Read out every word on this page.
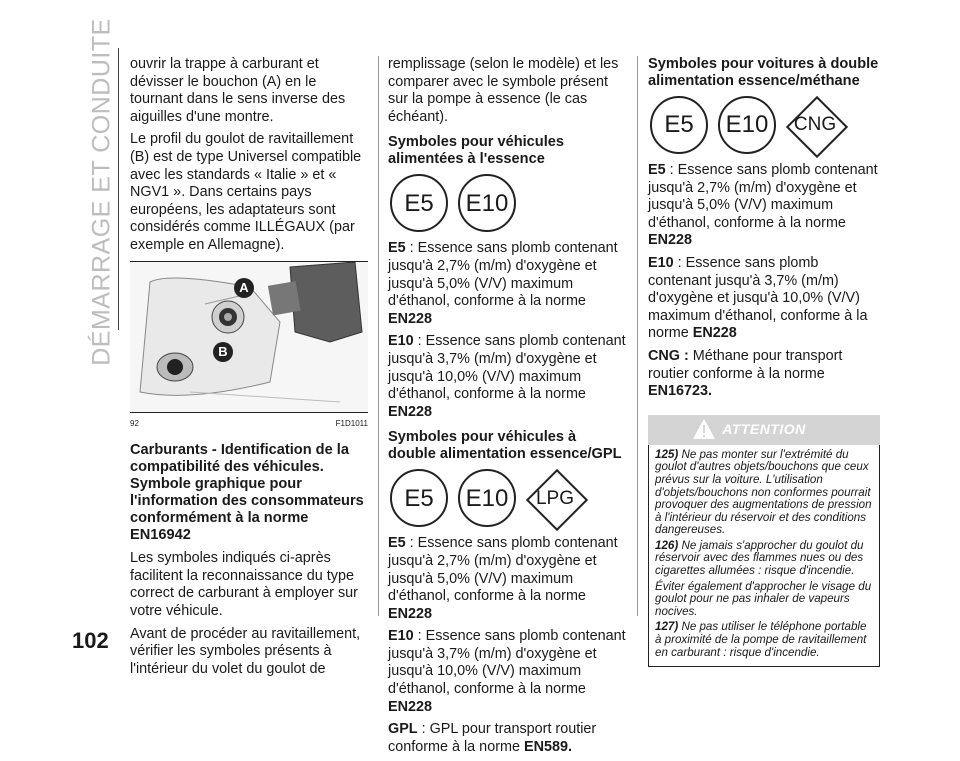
DÉMARRAGE ET CONDUITE
102

ouvrir la trappe à carburant et dévisser le bouchon (A) en le tournant dans le sens inverse des aiguilles d'une montre.

Le profil du goulot de ravitaillement (B) est de type Universel compatible avec les standards « Italie » et « NGV1 ». Dans certains pays européens, les adaptateurs sont considérés comme ILLÉGAUX (par exemple en Allemagne).

A
B
92	F1D1011
Carburants - Identification de la compatibilité des véhicules. Symbole graphique pour l'information des consommateurs conformément à la norme EN16942

Les symboles indiqués ci-après facilitent la reconnaissance du type correct de carburant à employer sur votre véhicule.

Avant de procéder au ravitaillement, vérifier les symboles présents à l'intérieur du volet du goulot de

remplissage (selon le modèle) et les comparer avec le symbole présent sur la pompe à essence (le cas échéant).

Symboles pour véhicules alimentées à l'essence
E5	E10

E5 : Essence sans plomb contenant jusqu'à 2,7% (m/m) d'oxygène et jusqu'à 5,0% (V/V) maximum d'éthanol, conforme à la norme EN228

E10 : Essence sans plomb contenant jusqu'à 3,7% (m/m) d'oxygène et jusqu'à 10,0% (V/V) maximum d'éthanol, conforme à la norme EN228

Symboles pour véhicules à double alimentation essence/GPL
E5	E10	LPG

E5 : Essence sans plomb contenant jusqu'à 2,7% (m/m) d'oxygène et jusqu'à 5,0% (V/V) maximum d'éthanol, conforme à la norme EN228

E10 : Essence sans plomb contenant jusqu'à 3,7% (m/m) d'oxygène et jusqu'à 10,0% (V/V) maximum d'éthanol, conforme à la norme EN228

GPL : GPL pour transport routier conforme à la norme EN589.

Symboles pour voitures à double alimentation essence/méthane
E5	E10	CNG

E5 : Essence sans plomb contenant jusqu'à 2,7% (m/m) d'oxygène et jusqu'à 5,0% (V/V) maximum d'éthanol, conforme à la norme EN228

E10 : Essence sans plomb contenant jusqu'à 3,7% (m/m) d'oxygène et jusqu'à 10,0% (V/V) maximum d'éthanol, conforme à la norme EN228

CNG : Méthane pour transport routier conforme à la norme EN16723.

ATTENTION

125) Ne pas monter sur l'extrémité du goulot d'autres objets/bouchons que ceux prévus sur la voiture. L'utilisation d'objets/bouchons non conformes pourrait provoquer des augmentations de pression à l'intérieur du réservoir et des conditions dangereuses.

126) Ne jamais s'approcher du goulot du réservoir avec des flammes nues ou des cigarettes allumées : risque d'incendie.

Éviter également d'approcher le visage du goulot pour ne pas inhaler de vapeurs nocives.

127) Ne pas utiliser le téléphone portable à proximité de la pompe de ravitaillement en carburant : risque d'incendie.
